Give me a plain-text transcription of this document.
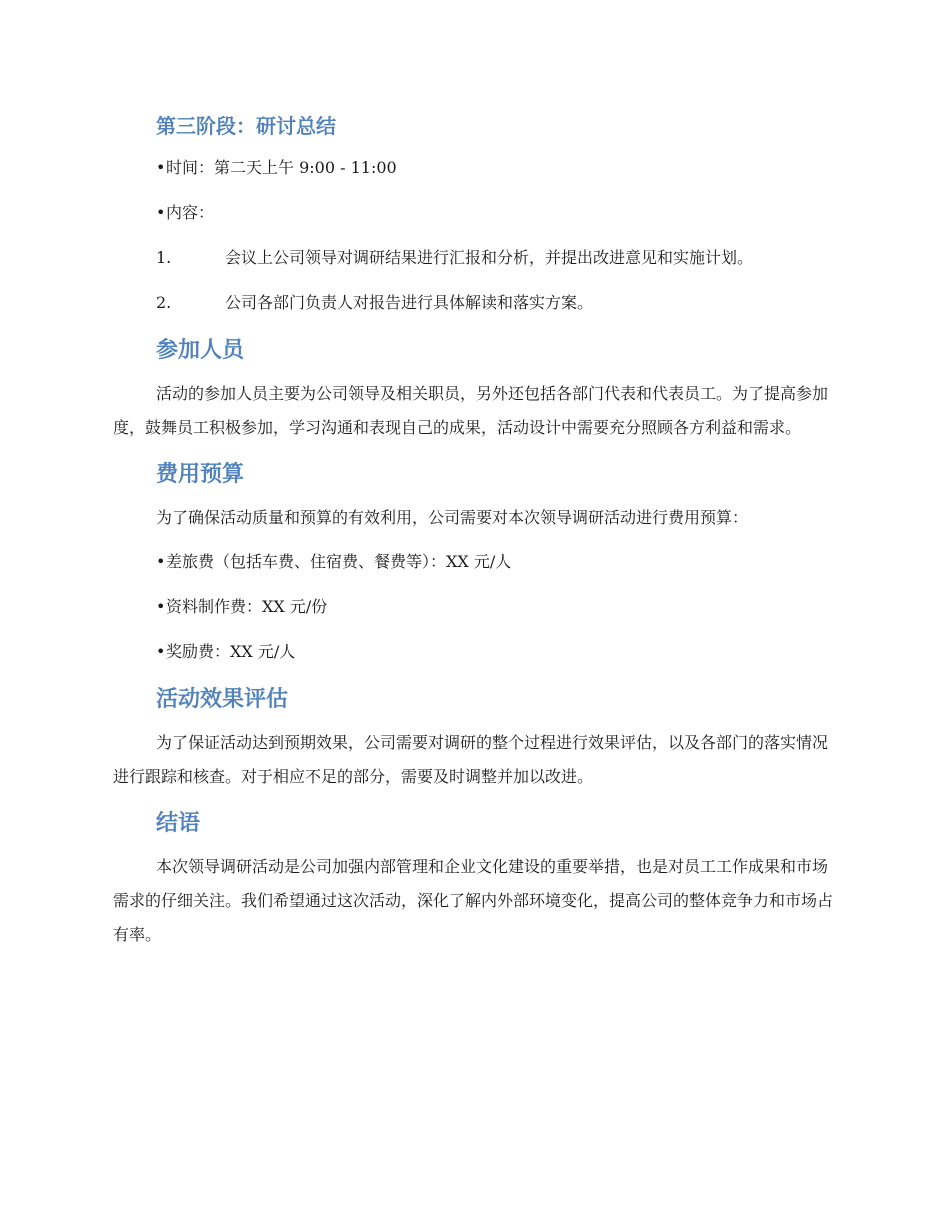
第三阶段：研讨总结

•时间：第二天上午 9:00 - 11:00

•内容：

1.	会议上公司领导对调研结果进行汇报和分析，并提出改进意见和实施计划。

2.	公司各部门负责人对报告进行具体解读和落实方案。

参加人员

活动的参加人员主要为公司领导及相关职员，另外还包括各部门代表和代表员工。为了提高参加度，鼓舞员工积极参加，学习沟通和表现自己的成果，活动设计中需要充分照顾各方利益和需求。

费用预算

为了确保活动质量和预算的有效利用，公司需要对本次领导调研活动进行费用预算：

•差旅费（包括车费、住宿费、餐费等）：XX 元/人

•资料制作费：XX 元/份

•奖励费：XX 元/人

活动效果评估

为了保证活动达到预期效果，公司需要对调研的整个过程进行效果评估，以及各部门的落实情况进行跟踪和核查。对于相应不足的部分，需要及时调整并加以改进。

结语

本次领导调研活动是公司加强内部管理和企业文化建设的重要举措，也是对员工工作成果和市场需求的仔细关注。我们希望通过这次活动，深化了解内外部环境变化，提高公司的整体竞争力和市场占有率。
